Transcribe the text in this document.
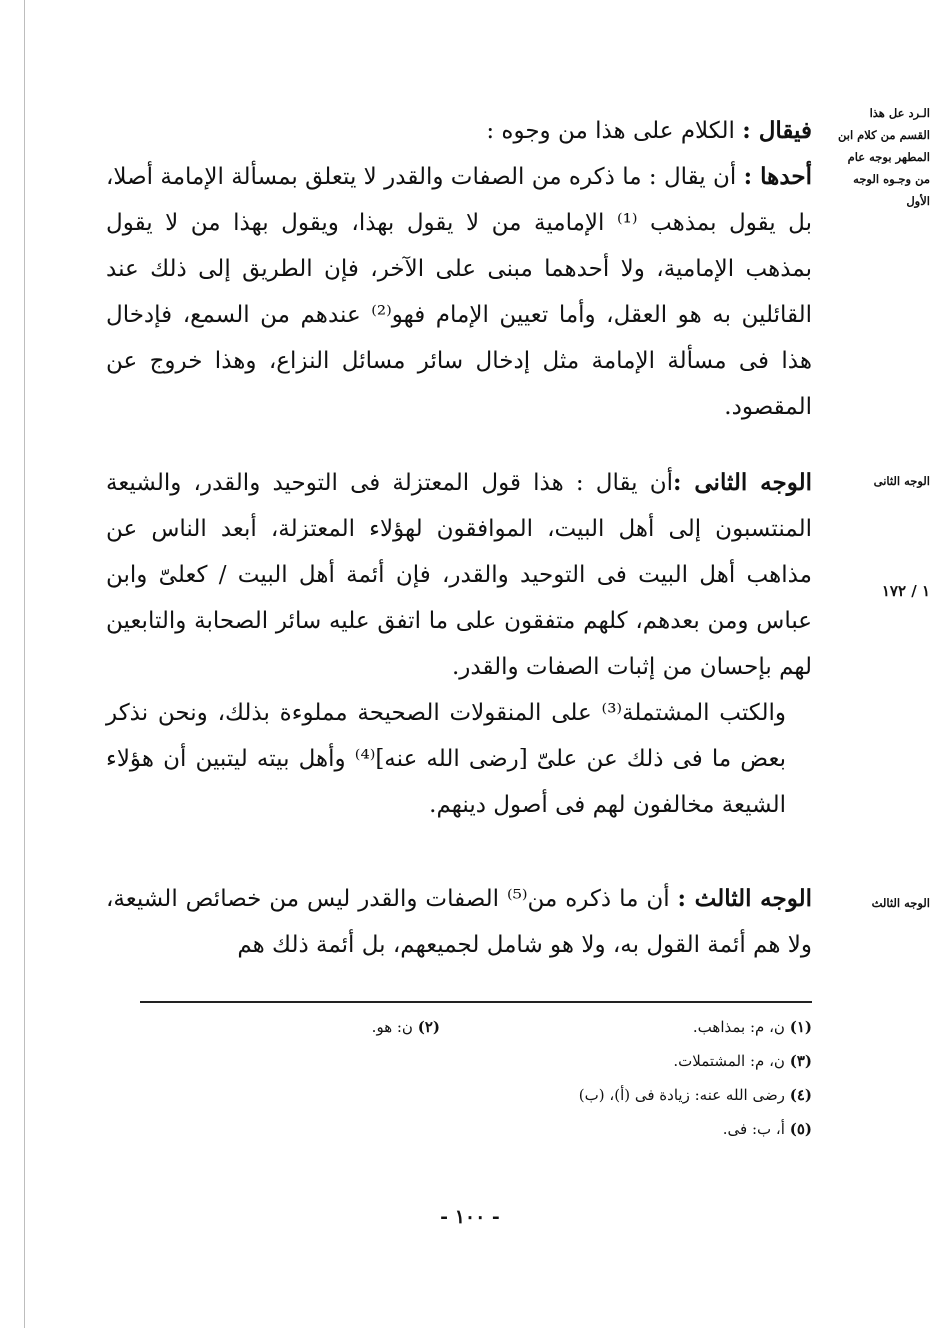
الـرد عل هذا القسم من كلام ابن المطهر بوجه عام من وجـوه الوجه الأول
الوجه الثانى
١ / ١٧٢
الوجه الثالث

فيقال : الكلام على هذا من وجوه :

أحدها : أن يقال : ما ذكره من الصفات والقدر لا يتعلق بمسألة الإمامة أصلا، بل يقول بمذهب ⁽¹⁾ الإمامية من لا يقول بهذا، ويقول بهذا من لا يقول بمذهب الإمامية، ولا أحدهما مبنى على الآخر، فإن الطريق إلى ذلك عند القائلين به هو العقل، وأما تعيين الإمام فهو⁽²⁾ عندهم من السمع، فإدخال هذا فى مسألة الإمامة مثل إدخال سائر مسائل النزاع، وهذا خروج عن المقصود.

الوجه الثانى :أن يقال : هذا قول المعتزلة فى التوحيد والقدر، والشيعة المنتسبون إلى أهل البيت، الموافقون لهؤلاء المعتزلة، أبعد الناس عن مذاهب أهل البيت فى التوحيد والقدر، فإن أئمة أهل البيت / كعلىّ وابن عباس ومن بعدهم، كلهم متفقون على ما اتفق عليه سائر الصحابة والتابعين لهم بإحسان من إثبات الصفات والقدر.

والكتب المشتملة⁽³⁾ على المنقولات الصحيحة مملوءة بذلك، ونحن نذكر بعض ما فى ذلك عن علىّ [رضى الله عنه]⁽⁴⁾ وأهل بيته ليتبين أن هؤلاء الشيعة مخالفون لهم فى أصول دينهم.

الوجه الثالث : أن ما ذكره من⁽⁵⁾ الصفات والقدر ليس من خصائص الشيعة، ولا هم أئمة القول به، ولا هو شامل لجميعهم، بل أئمة ذلك هم

(١) ن، م: بمذاهب.
(٢) ن: هو.
(٣) ن، م: المشتملات.
(٤) رضى الله عنه: زيادة فى (أ)، (ب)
(٥) أ، ب: فى.
- ١٠٠ -
